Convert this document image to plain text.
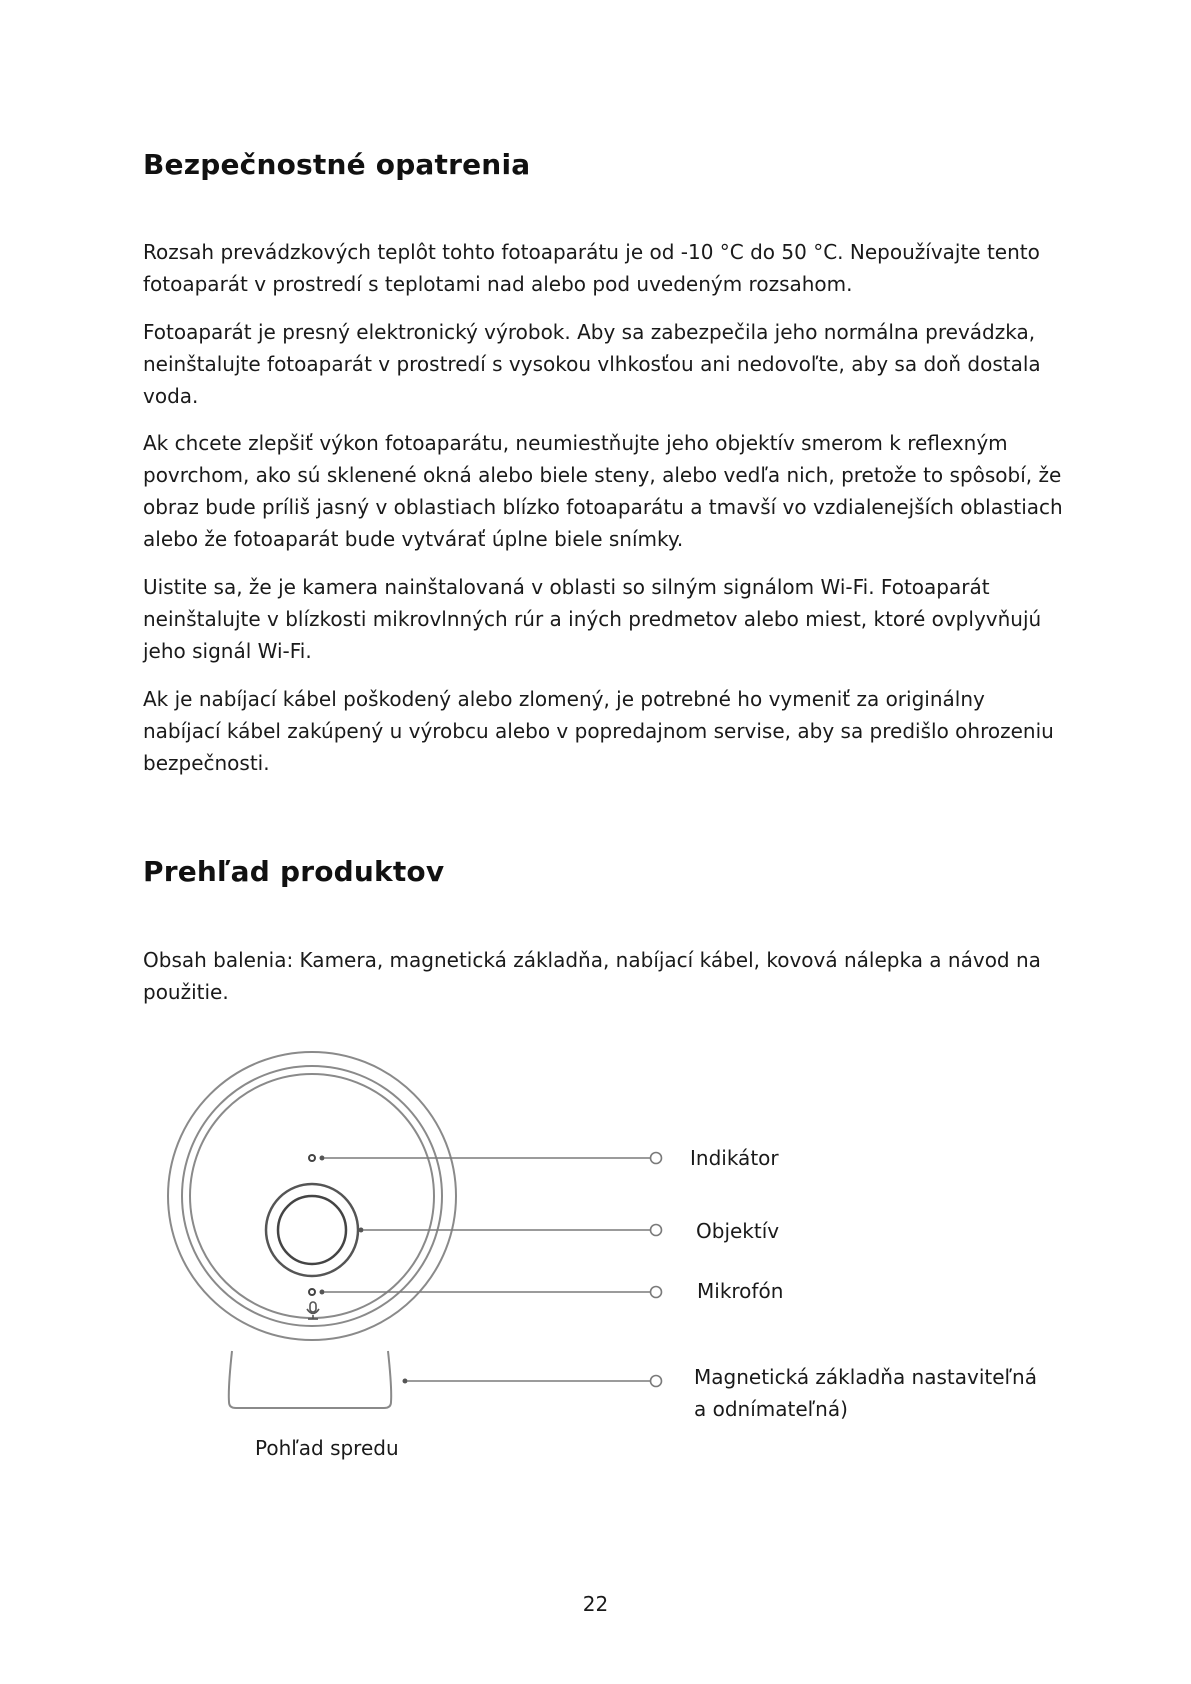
Bezpečnostné opatrenia

Rozsah prevádzkových teplôt tohto fotoaparátu je od -10 °C do 50 °C. Nepoužívajte tento fotoaparát v prostredí s teplotami nad alebo pod uvedeným rozsahom.

Fotoaparát je presný elektronický výrobok. Aby sa zabezpečila jeho normálna prevádzka, neinštalujte fotoaparát v prostredí s vysokou vlhkosťou ani nedovoľte, aby sa doň dostala voda.

Ak chcete zlepšiť výkon fotoaparátu, neumiestňujte jeho objektív smerom k reflexným povrchom, ako sú sklenené okná alebo biele steny, alebo vedľa nich, pretože to spôsobí, že obraz bude príliš jasný v oblastiach blízko fotoaparátu a tmavší vo vzdialenejších oblastiach alebo že fotoaparát bude vytvárať úplne biele snímky.

Uistite sa, že je kamera nainštalovaná v oblasti so silným signálom Wi-Fi. Fotoaparát neinštalujte v blízkosti mikrovlnných rúr a iných predmetov alebo miest, ktoré ovplyvňujú jeho signál Wi-Fi.

Ak je nabíjací kábel poškodený alebo zlomený, je potrebné ho vymeniť za originálny nabíjací kábel zakúpený u výrobcu alebo v popredajnom servise, aby sa predišlo ohrozeniu bezpečnosti.

Prehľad produktov

Obsah balenia: Kamera, magnetická základňa, nabíjací kábel, kovová nálepka a návod na použitie.

Indikátor
Objektív
Mikrofón
Magnetická základňa nastaviteľná
a odnímateľná)
Pohľad spredu
22
